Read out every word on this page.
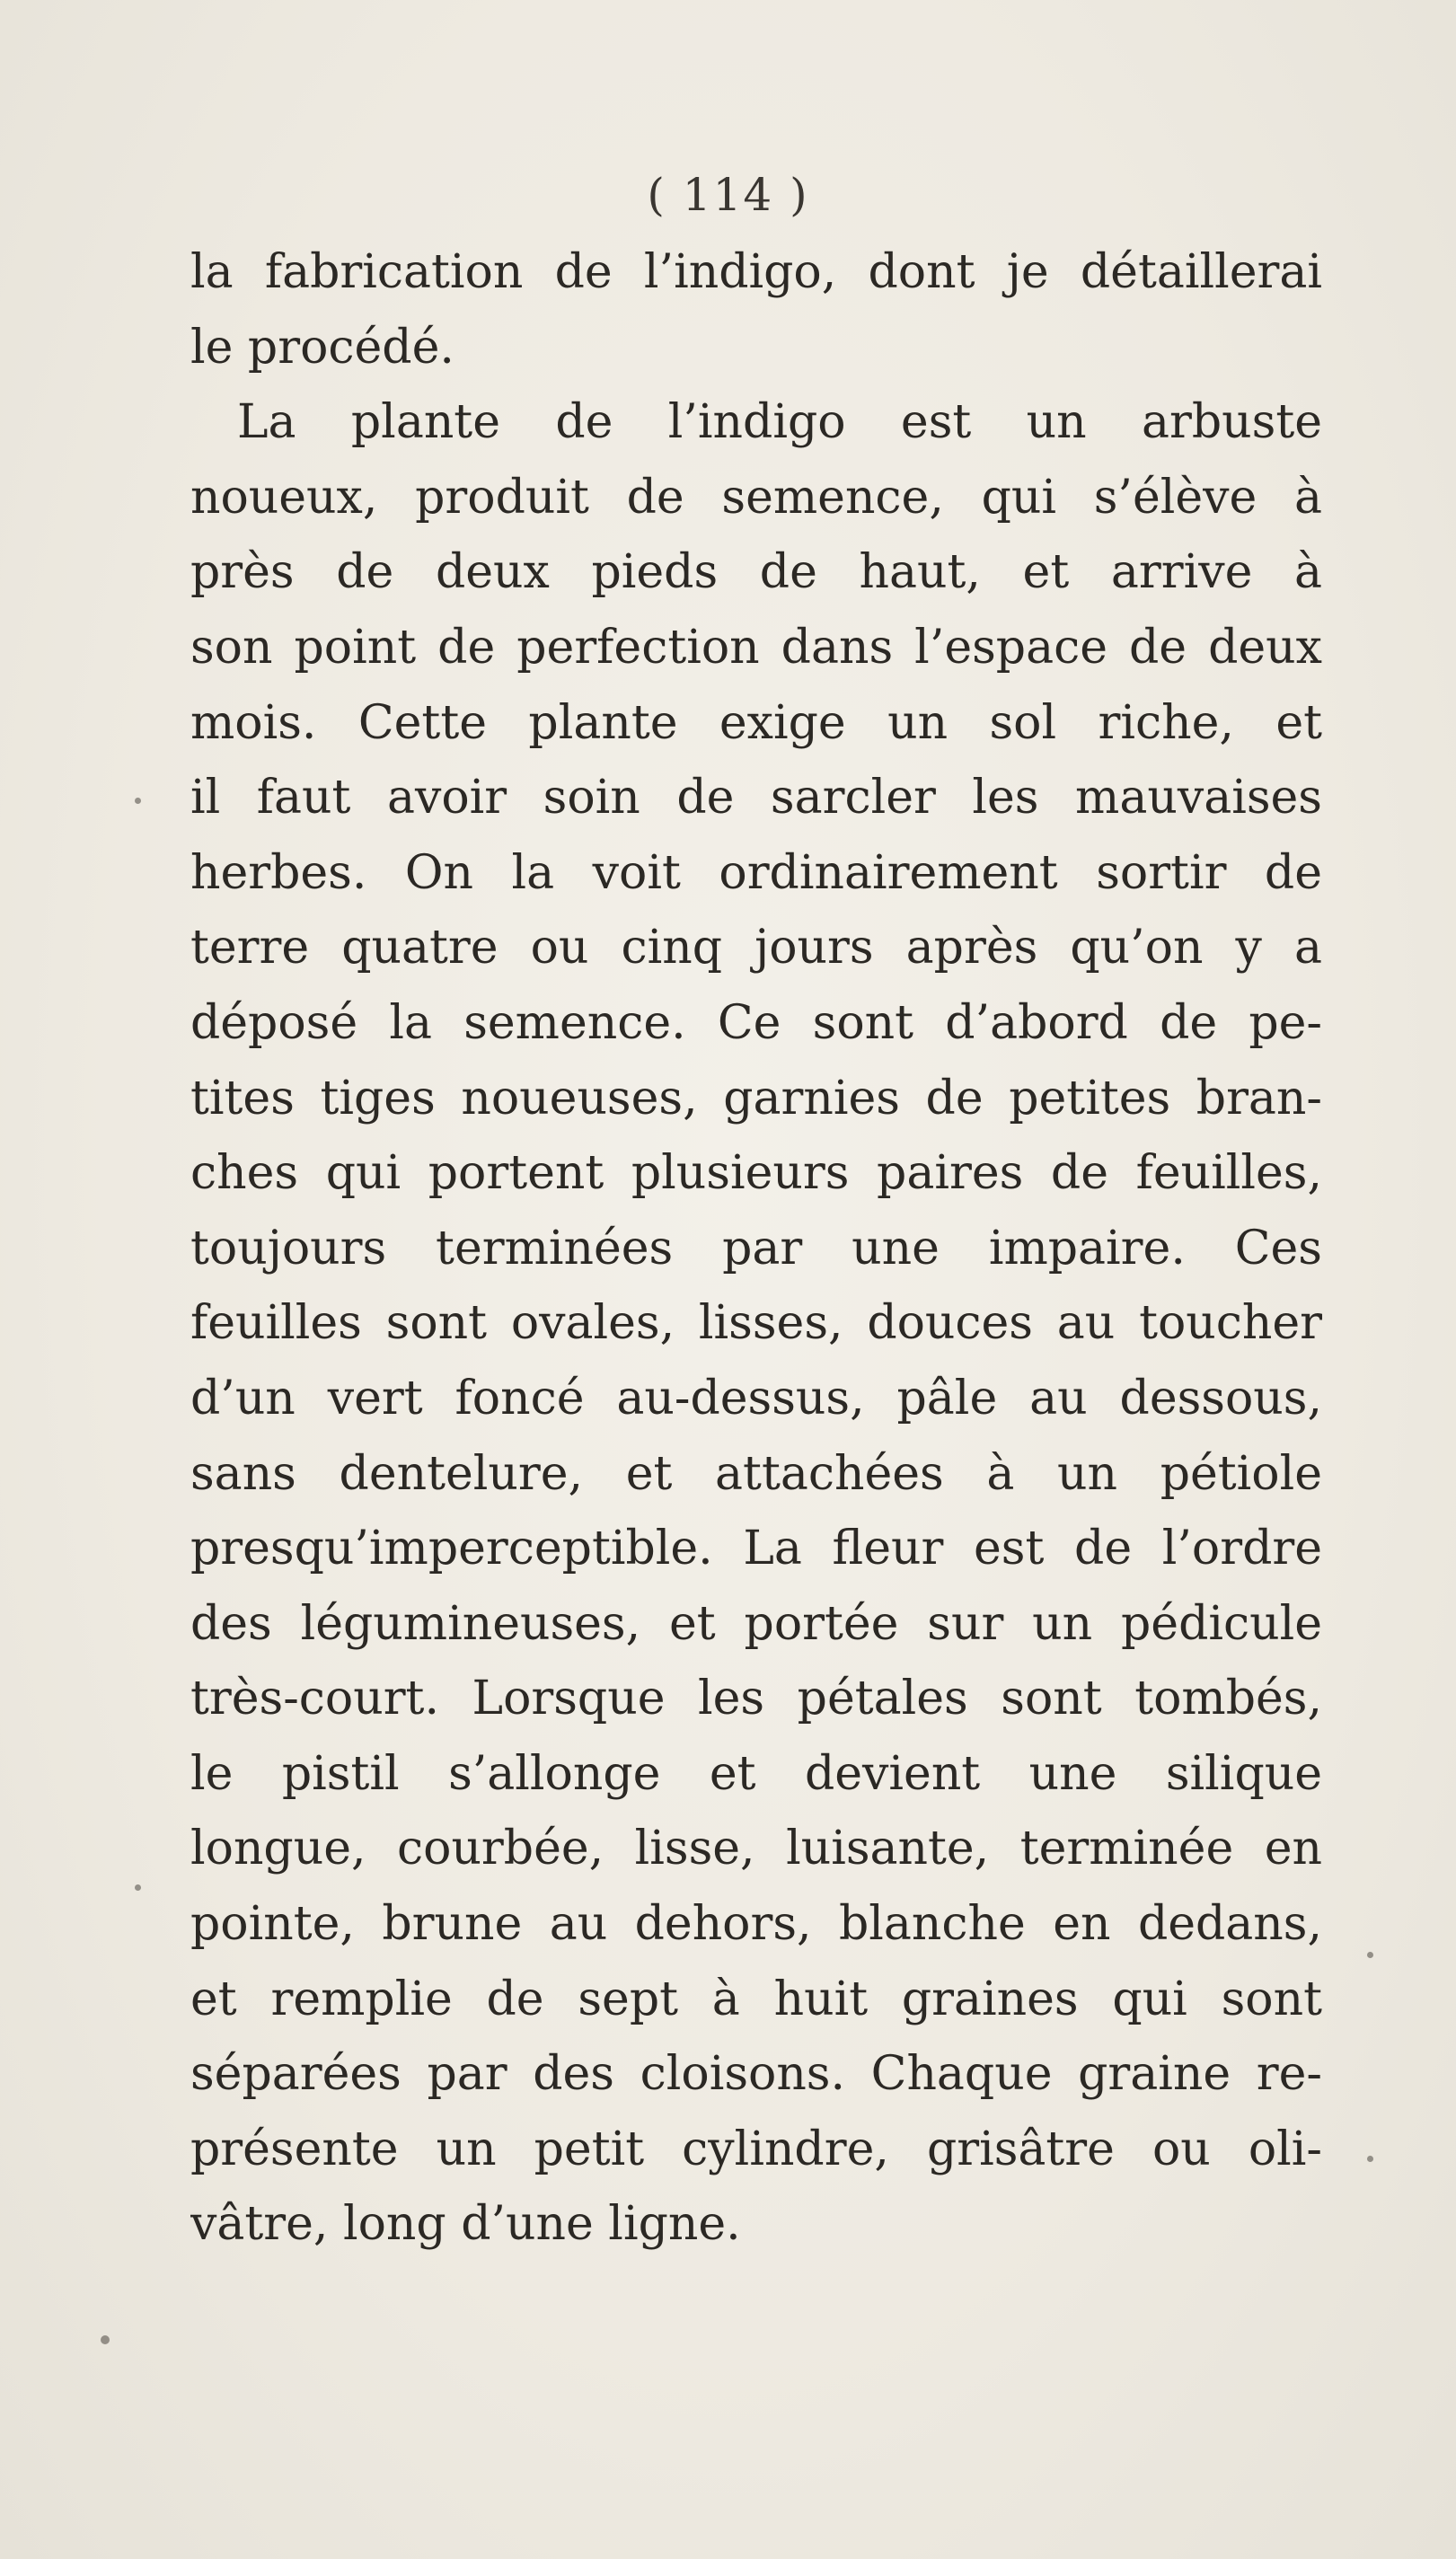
( 114 )
la fabrication de l’indigo, dont je détaillerai
le procédé.
La plante de l’indigo est un arbuste
noueux, produit de semence, qui s’élève à
près de deux pieds de haut, et arrive à
son point de perfection dans l’espace de deux
mois. Cette plante exige un sol riche, et
il faut avoir soin de sarcler les mauvaises
herbes. On la voit ordinairement sortir de
terre quatre ou cinq jours après qu’on y a
déposé la semence. Ce sont d’abord de pe-
tites tiges noueuses, garnies de petites bran-
ches qui portent plusieurs paires de feuilles,
toujours terminées par une impaire. Ces
feuilles sont ovales, lisses, douces au toucher
d’un vert foncé au-dessus, pâle au dessous,
sans dentelure, et attachées à un pétiole
presqu’imperceptible. La fleur est de l’ordre
des légumineuses, et portée sur un pédicule
très-court. Lorsque les pétales sont tombés,
le pistil s’allonge et devient une silique
longue, courbée, lisse, luisante, terminée en
pointe, brune au dehors, blanche en dedans,
et remplie de sept à huit graines qui sont
séparées par des cloisons. Chaque graine re-
présente un petit cylindre, grisâtre ou oli-
vâtre, long d’une ligne.
